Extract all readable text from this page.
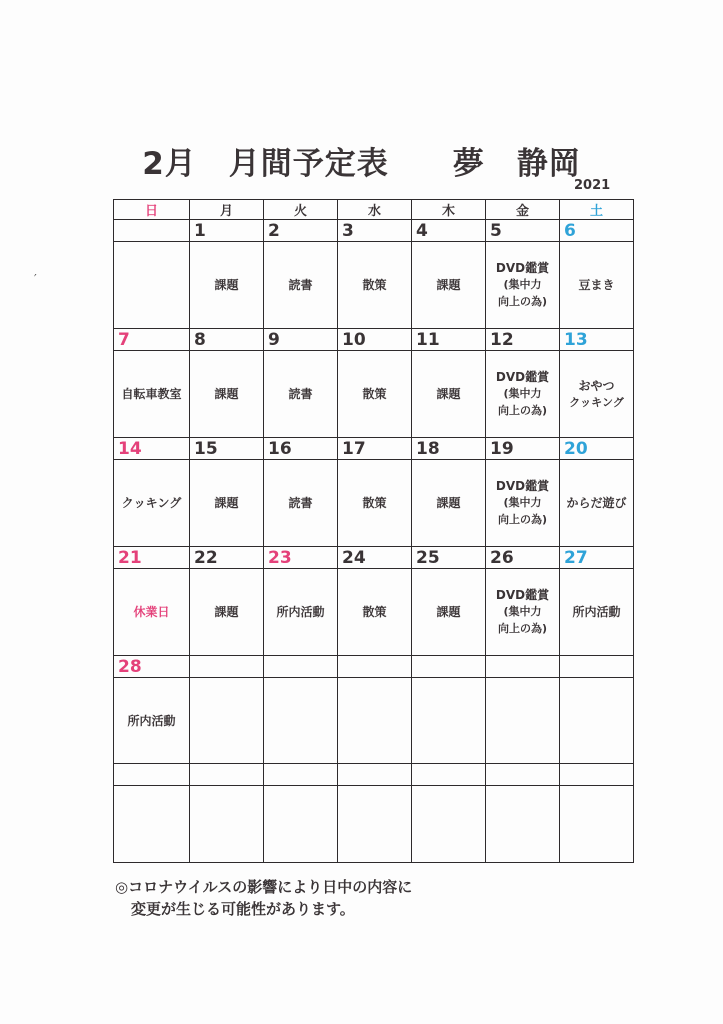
2月　月間予定表　　夢　静岡
2021
′
日	月	火	水	木	金	土
	1	2	3	4	5	6
	課題	読書	散策	課題	DVD鑑賞(集中力向上の為)	豆まき
7	8	9	10	11	12	13
自転車教室	課題	読書	散策	課題	DVD鑑賞(集中力向上の為)	おやつクッキング
14	15	16	17	18	19	20
クッキング	課題	読書	散策	課題	DVD鑑賞(集中力向上の為)	からだ遊び
21	22	23	24	25	26	27
休業日	課題	所内活動	散策	課題	DVD鑑賞(集中力向上の為)	所内活動
28						
所内活動						

◎コロナウイルスの影響により日中の内容に
変更が生じる可能性があります。
